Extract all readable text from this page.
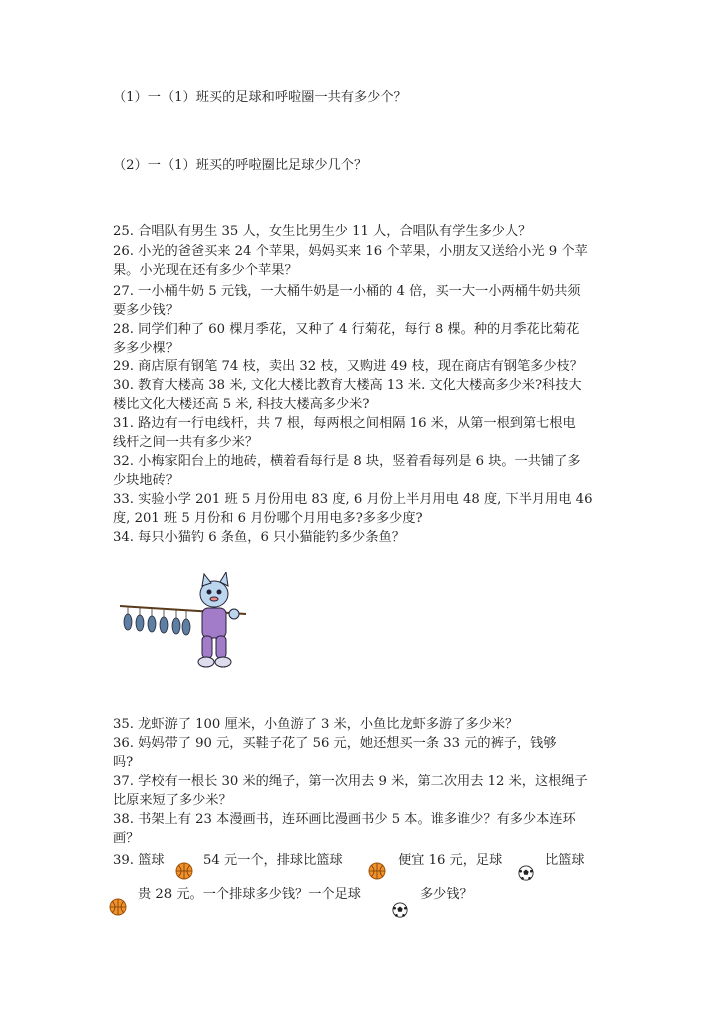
（1）一（1）班买的足球和呼啦圈一共有多少个？
（2）一（1）班买的呼啦圈比足球少几个？
25. 合唱队有男生 35 人，女生比男生少 11 人，合唱队有学生多少人？
26. 小光的爸爸买来 24 个苹果，妈妈买来 16 个苹果，小朋友又送给小光 9 个苹
果。小光现在还有多少个苹果？
27. 一小桶牛奶 5 元钱，一大桶牛奶是一小桶的 4 倍，买一大一小两桶牛奶共须
要多少钱？
28. 同学们种了 60 棵月季花，又种了 4 行菊花，每行 8 棵。种的月季花比菊花
多多少棵？
29. 商店原有钢笔 74 枝，卖出 32 枝，又购进 49 枝，现在商店有钢笔多少枝？
30. 教育大楼高 38 米, 文化大楼比教育大楼高 13 米. 文化大楼高多少米?科技大
楼比文化大楼还高 5 米, 科技大楼高多少米?
31. 路边有一行电线杆，共 7 根，每两根之间相隔 16 米，从第一根到第七根电
线杆之间一共有多少米？
32. 小梅家阳台上的地砖，横着看每行是 8 块，竖着看每列是 6 块。一共铺了多
少块地砖？
33. 实验小学 201 班 5 月份用电 83 度, 6 月份上半月用电 48 度, 下半月用电 46
度, 201 班 5 月份和 6 月份哪个月用电多?多多少度?
34. 每只小猫钓 6 条鱼，6 只小猫能钓多少条鱼？
35. 龙虾游了 100 厘米，小鱼游了 3 米，小鱼比龙虾多游了多少米？
36. 妈妈带了 90 元，买鞋子花了 56 元，她还想买一条 33 元的裤子，钱够
吗?
37. 学校有一根长 30 米的绳子，第一次用去 9 米，第二次用去 12 米，这根绳子
比原来短了多少米？
38. 书架上有 23 本漫画书，连环画比漫画书少 5 本。谁多谁少？有多少本连环
画？
39. 篮球	54 元一个，排球比篮球	便宜 16 元，足球	比篮球
贵 28 元。一个排球多少钱？一个足球	多少钱？
